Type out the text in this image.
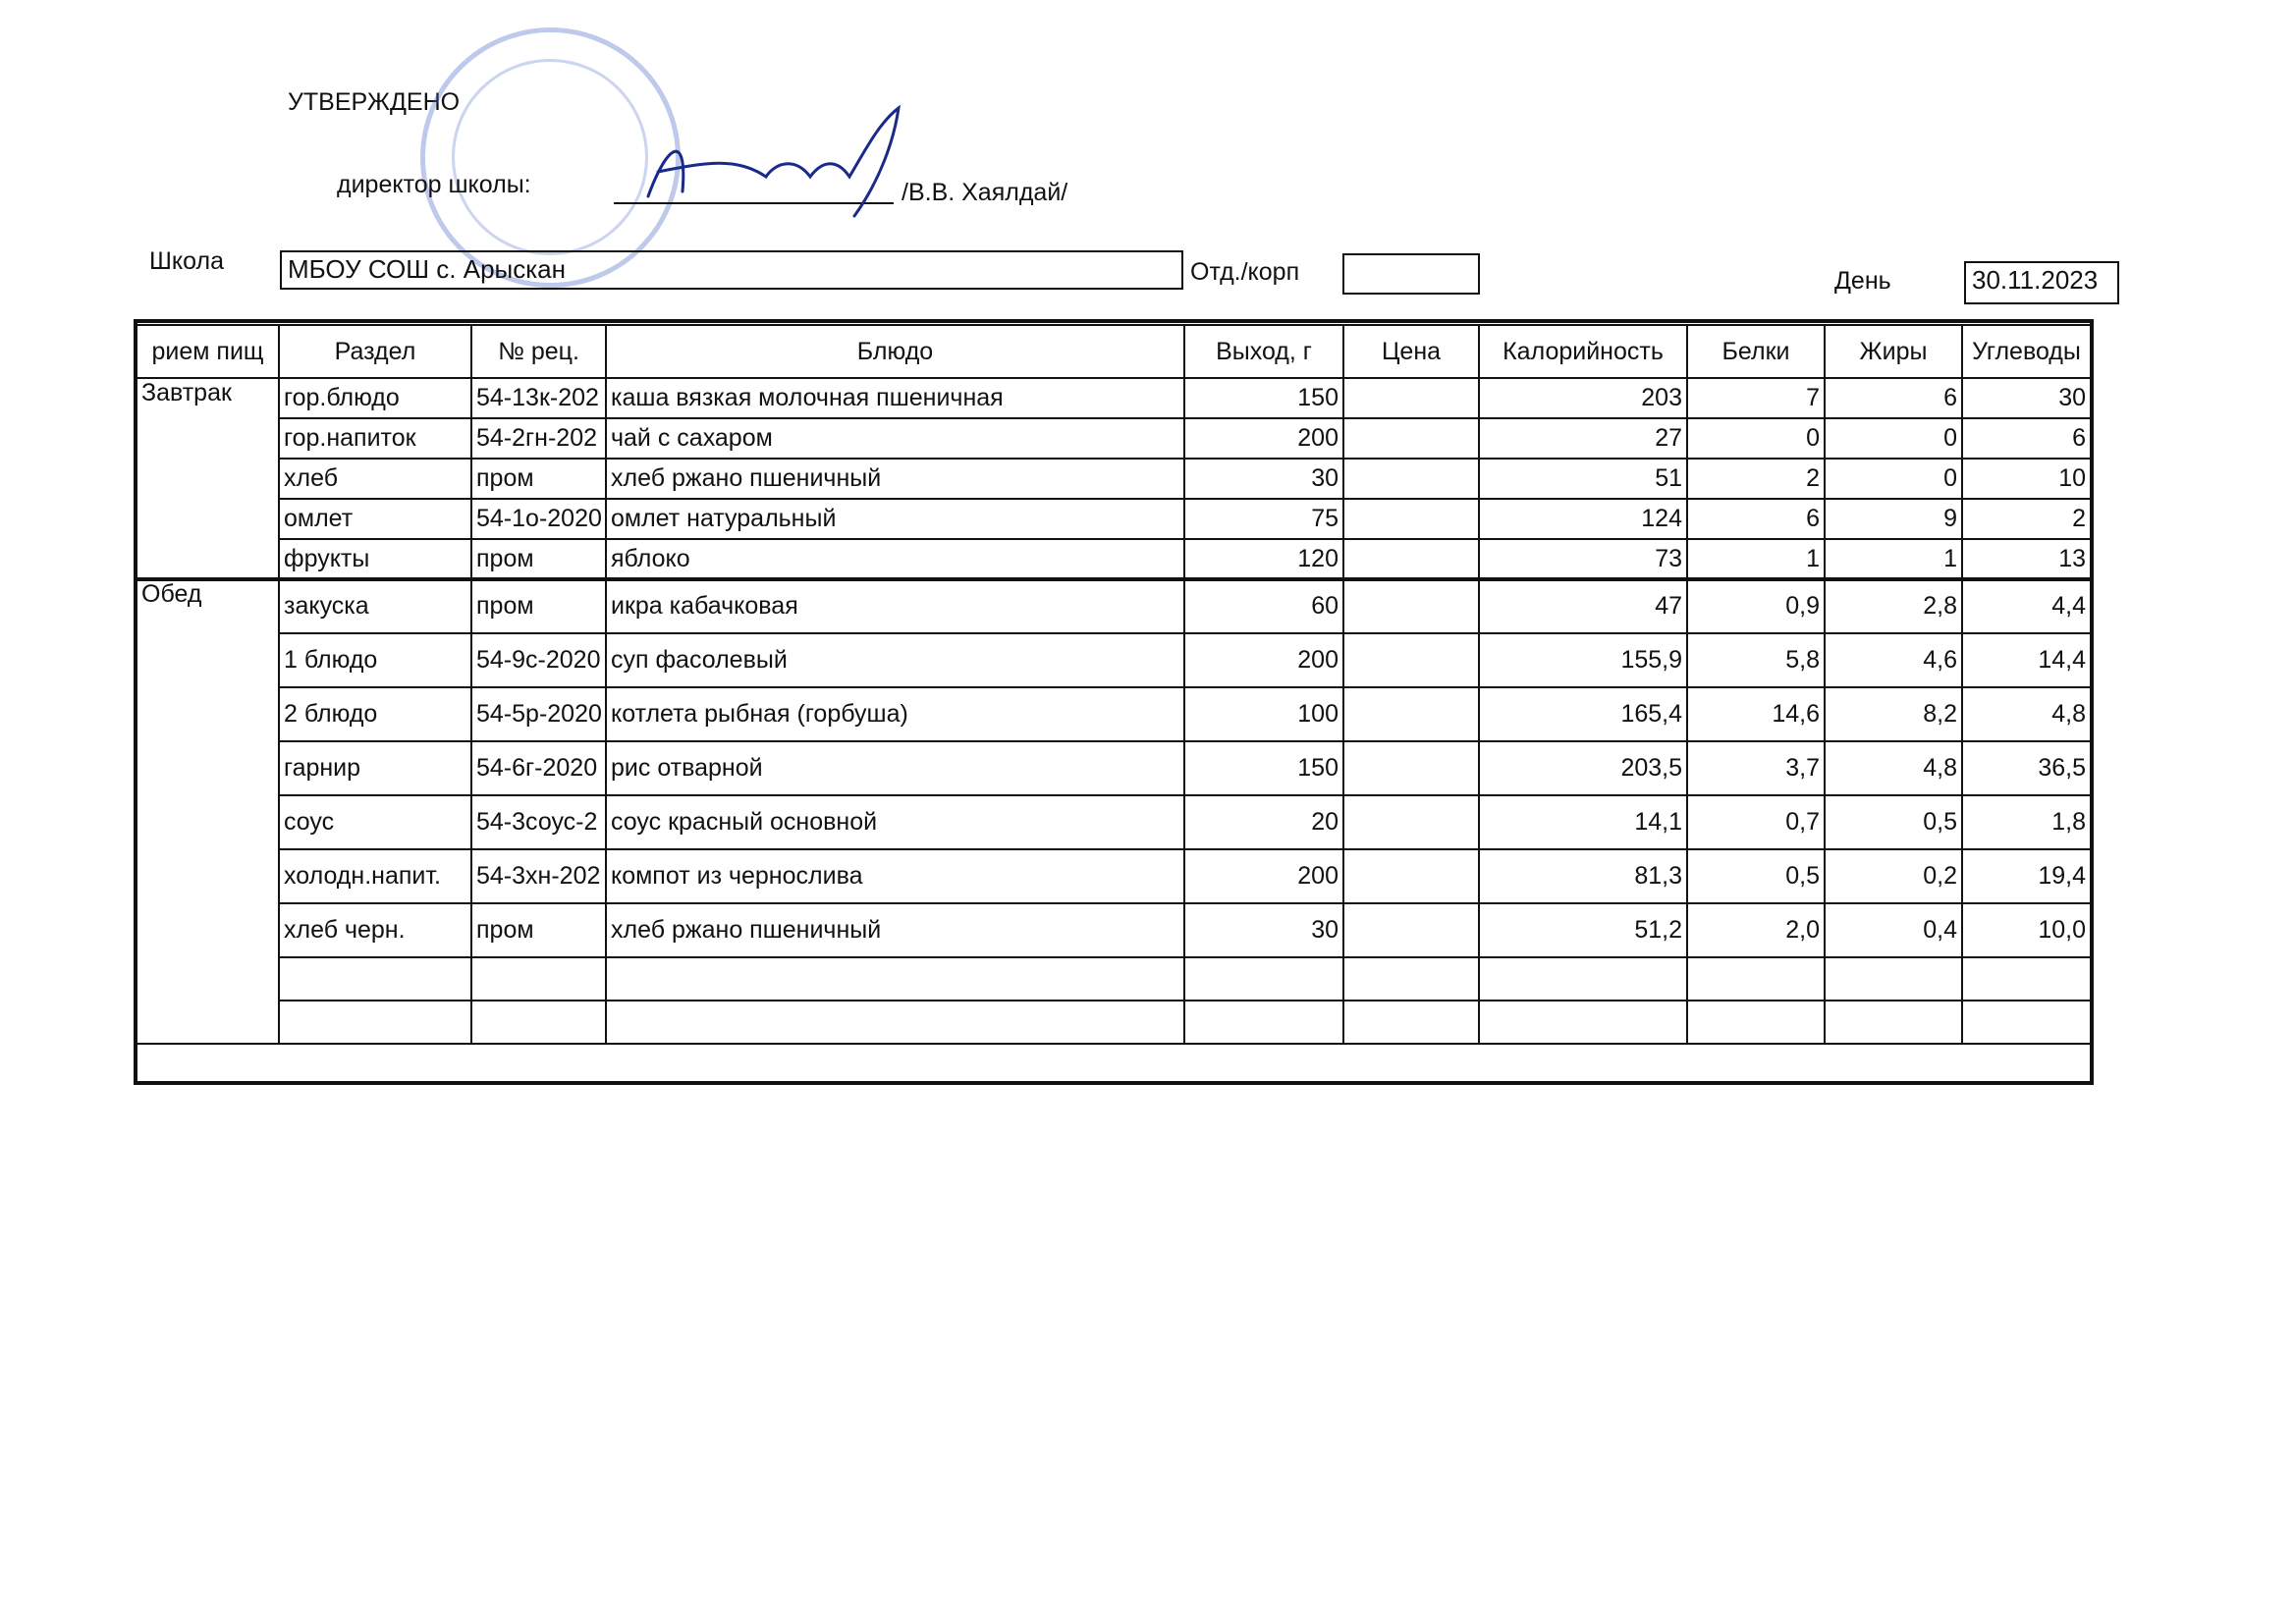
УТВЕРЖДЕНО
директор школы:	/В.В. Хаялдай/
Школа	МБОУ СОШ с. Арыскан	Отд./корп	День	30.11.2023
рием пищ	Раздел	№ рец.	Блюдо	Выход, г	Цена	Калорийность	Белки	Жиры	Углеводы
Завтрак	гор.блюдо	54-13к-202	каша вязкая молочная пшеничная	150		203	7	6	30
	гор.напиток	54-2гн-202	чай с сахаром	200		27	0	0	6
	хлеб	пром	хлеб ржано пшеничный	30		51	2	0	10
	омлет	54-1о-2020	омлет натуральный	75		124	6	9	2
	фрукты	пром	яблоко	120		73	1	1	13
Обед	закуска	пром	икра кабачковая	60		47	0,9	2,8	4,4
	1 блюдо	54-9с-2020	суп фасолевый	200		155,9	5,8	4,6	14,4
	2 блюдо	54-5р-2020	котлета рыбная (горбуша)	100		165,4	14,6	8,2	4,8
	гарнир	54-6г-2020	рис отварной	150		203,5	3,7	4,8	36,5
	соус	54-3соус-2	соус красный основной	20		14,1	0,7	0,5	1,8
	холодн.напит.	54-3хн-202	компот из чернослива	200		81,3	0,5	0,2	19,4
	хлеб черн.	пром	хлеб ржано пшеничный	30		51,2	2,0	0,4	10,0
